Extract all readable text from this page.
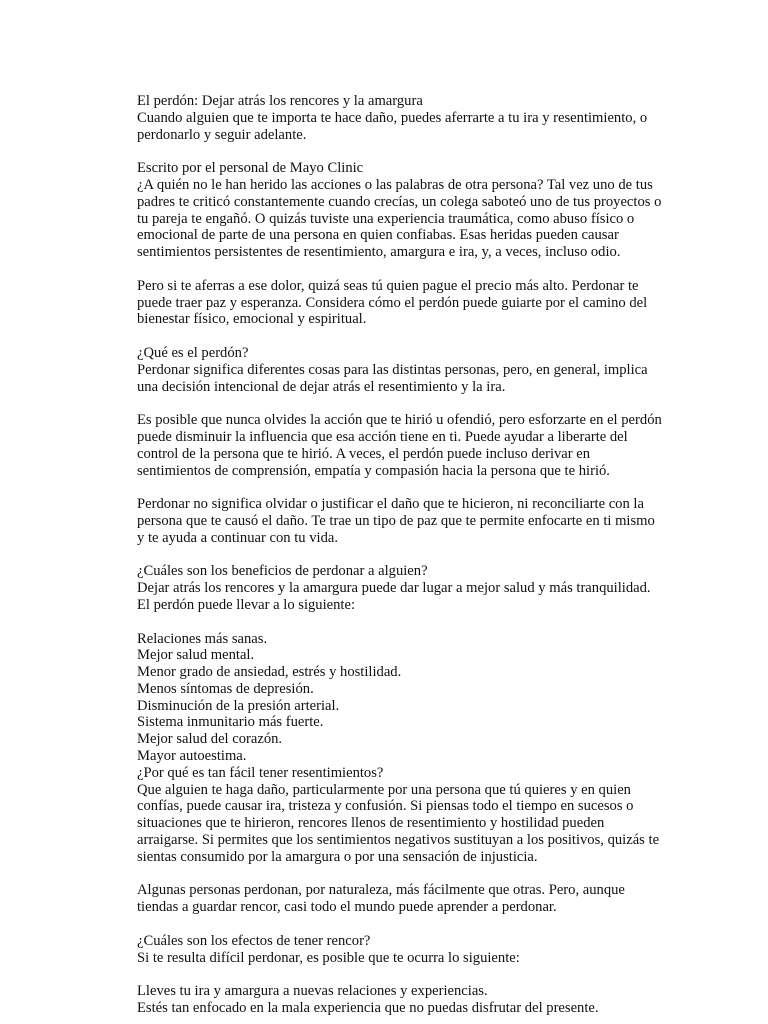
El perdón: Dejar atrás los rencores y la amargura
Cuando alguien que te importa te hace daño, puedes aferrarte a tu ira y resentimiento, o
perdonarlo y seguir adelante.
Escrito por el personal de Mayo Clinic
¿A quién no le han herido las acciones o las palabras de otra persona? Tal vez uno de tus
padres te criticó constantemente cuando crecías, un colega saboteó uno de tus proyectos o
tu pareja te engañó. O quizás tuviste una experiencia traumática, como abuso físico o
emocional de parte de una persona en quien confiabas. Esas heridas pueden causar
sentimientos persistentes de resentimiento, amargura e ira, y, a veces, incluso odio.
Pero si te aferras a ese dolor, quizá seas tú quien pague el precio más alto. Perdonar te
puede traer paz y esperanza. Considera cómo el perdón puede guiarte por el camino del
bienestar físico, emocional y espiritual.
¿Qué es el perdón?
Perdonar significa diferentes cosas para las distintas personas, pero, en general, implica
una decisión intencional de dejar atrás el resentimiento y la ira.
Es posible que nunca olvides la acción que te hirió u ofendió, pero esforzarte en el perdón
puede disminuir la influencia que esa acción tiene en ti. Puede ayudar a liberarte del
control de la persona que te hirió. A veces, el perdón puede incluso derivar en
sentimientos de comprensión, empatía y compasión hacia la persona que te hirió.
Perdonar no significa olvidar o justificar el daño que te hicieron, ni reconciliarte con la
persona que te causó el daño. Te trae un tipo de paz que te permite enfocarte en ti mismo
y te ayuda a continuar con tu vida.
¿Cuáles son los beneficios de perdonar a alguien?
Dejar atrás los rencores y la amargura puede dar lugar a mejor salud y más tranquilidad.
El perdón puede llevar a lo siguiente:
Relaciones más sanas.
Mejor salud mental.
Menor grado de ansiedad, estrés y hostilidad.
Menos síntomas de depresión.
Disminución de la presión arterial.
Sistema inmunitario más fuerte.
Mejor salud del corazón.
Mayor autoestima.
¿Por qué es tan fácil tener resentimientos?
Que alguien te haga daño, particularmente por una persona que tú quieres y en quien
confías, puede causar ira, tristeza y confusión. Si piensas todo el tiempo en sucesos o
situaciones que te hirieron, rencores llenos de resentimiento y hostilidad pueden
arraigarse. Si permites que los sentimientos negativos sustituyan a los positivos, quizás te
sientas consumido por la amargura o por una sensación de injusticia.
Algunas personas perdonan, por naturaleza, más fácilmente que otras. Pero, aunque
tiendas a guardar rencor, casi todo el mundo puede aprender a perdonar.
¿Cuáles son los efectos de tener rencor?
Si te resulta difícil perdonar, es posible que te ocurra lo siguiente:
Lleves tu ira y amargura a nuevas relaciones y experiencias.
Estés tan enfocado en la mala experiencia que no puedas disfrutar del presente.
